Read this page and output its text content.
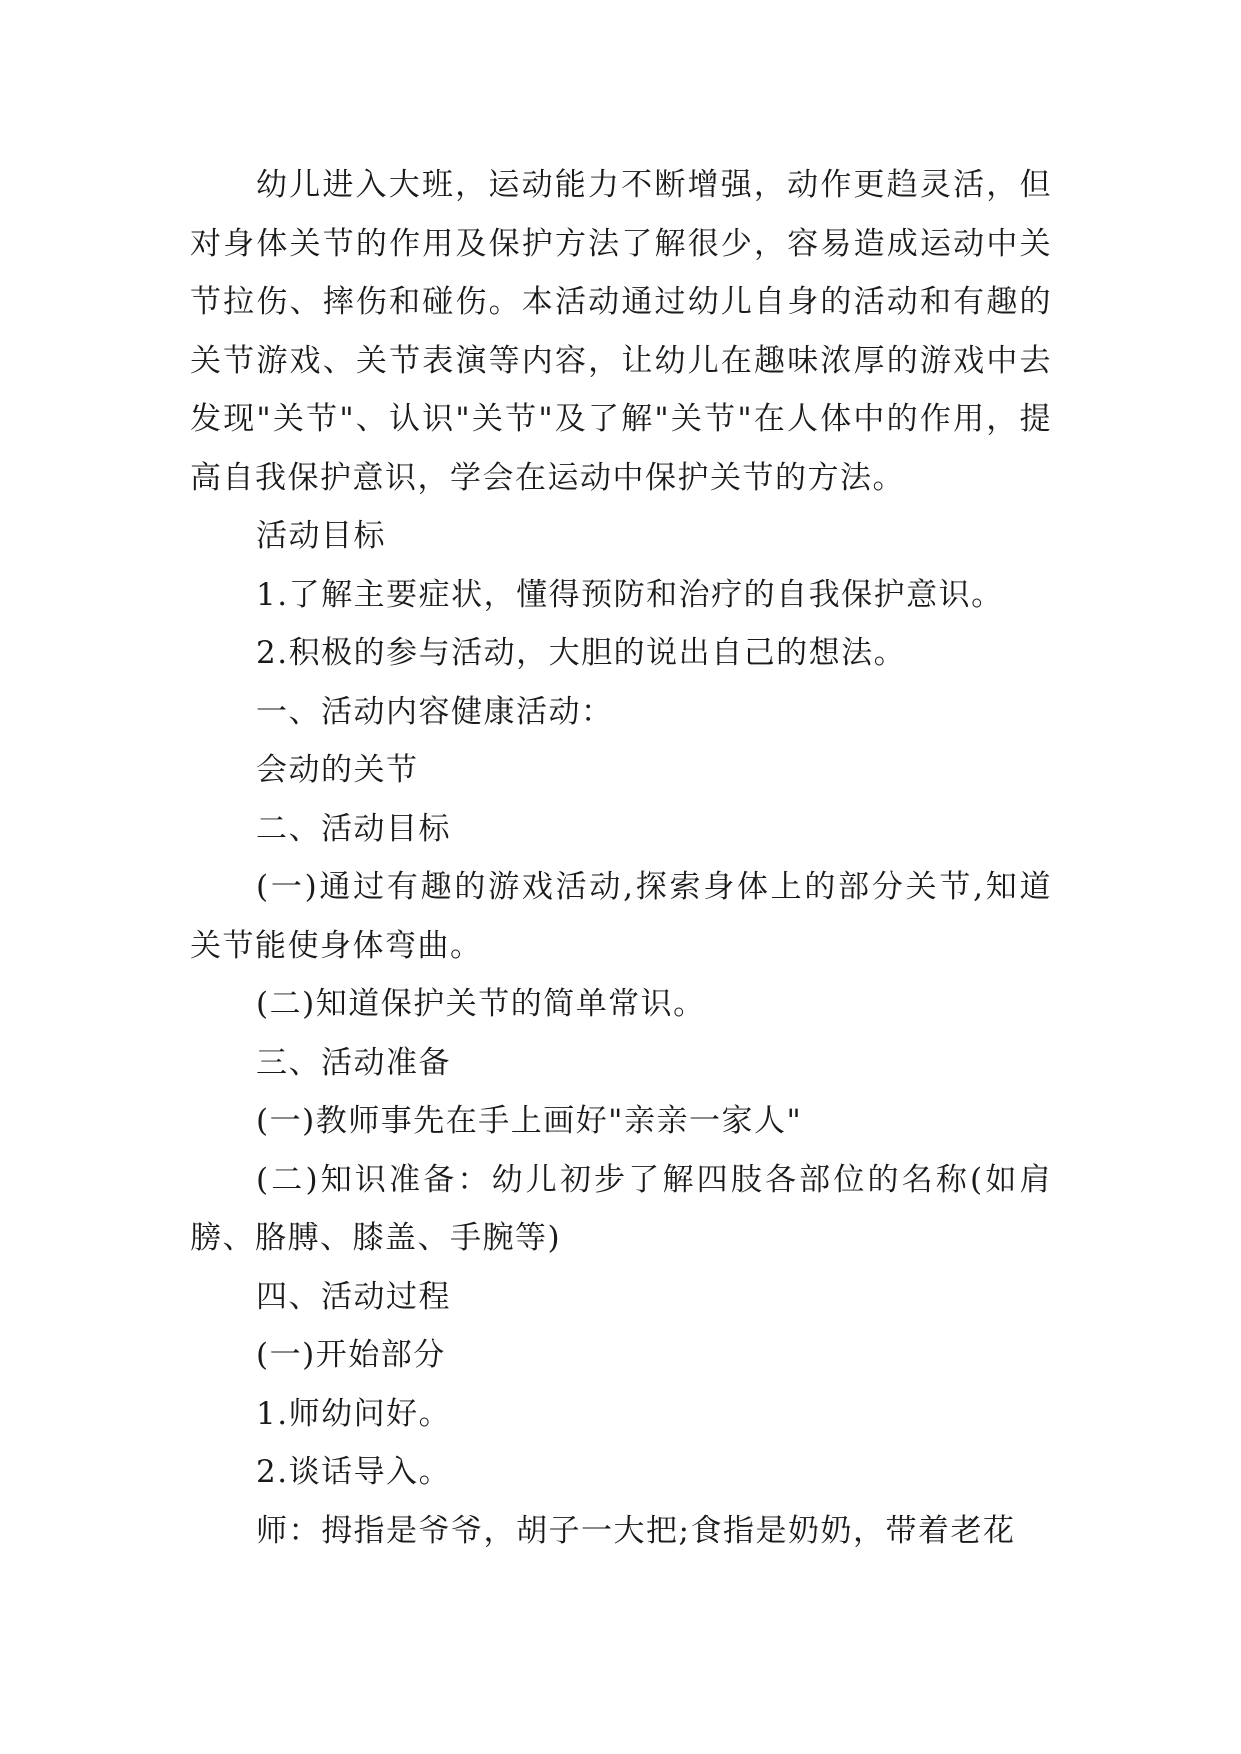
幼儿进入大班，运动能力不断增强，动作更趋灵活，但对身体关节的作用及保护方法了解很少，容易造成运动中关节拉伤、摔伤和碰伤。本活动通过幼儿自身的活动和有趣的关节游戏、关节表演等内容，让幼儿在趣味浓厚的游戏中去发现"关节"、认识"关节"及了解"关节"在人体中的作用，提高自我保护意识，学会在运动中保护关节的方法。

活动目标

1.了解主要症状，懂得预防和治疗的自我保护意识。

2.积极的参与活动，大胆的说出自己的想法。

一、活动内容健康活动：

会动的关节

二、活动目标

(一)通过有趣的游戏活动,探索身体上的部分关节,知道关节能使身体弯曲。

(二)知道保护关节的简单常识。

三、活动准备

(一)教师事先在手上画好"亲亲一家人"

(二)知识准备：幼儿初步了解四肢各部位的名称(如肩膀、胳膊、膝盖、手腕等)

四、活动过程

(一)开始部分

1.师幼问好。

2.谈话导入。

师：拇指是爷爷，胡子一大把;食指是奶奶，带着老花
